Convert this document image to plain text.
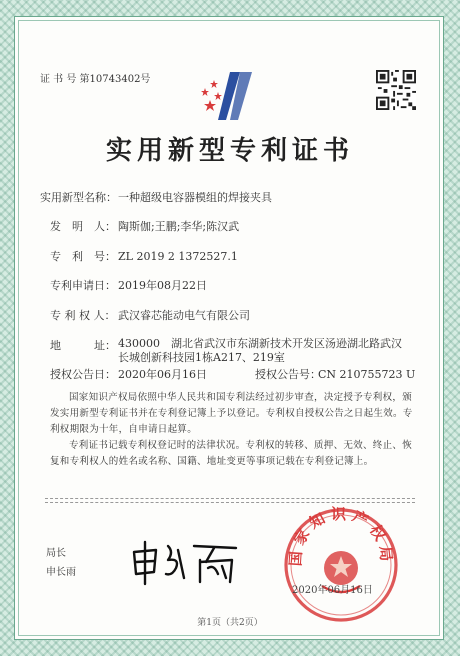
证 书 号 第10743402号
实用新型专利证书
实用新型名称： 一种超级电容器模组的焊接夹具
发　明　人： 陶斯伽;王鹏;李华;陈汉武
专　利　号： ZL 2019 2 1372527.1
专利申请日： 2019年08月22日
专 利 权 人： 武汉睿芯能动电气有限公司
地　　　址： 430000　湖北省武汉市东湖新技术开发区汤逊湖北路武汉
长城创新科技园1栋A217、219室
授权公告日： 2020年06月16日	授权公告号：
CN 210755723 U
国家知识产权局依照中华人民共和国专利法经过初步审查，决定授予专利权，颁发实用新型专利证书并在专利登记簿上予以登记。专利权自授权公告之日起生效。专利权期限为十年，自申请日起算。
专利证书记载专利权登记时的法律状况。专利权的转移、质押、无效、终止、恢复和专利权人的姓名或名称、国籍、地址变更等事项记载在专利登记簿上。
局长
申长雨
国家知识产权局
2020年06月16日
第1页（共2页）
